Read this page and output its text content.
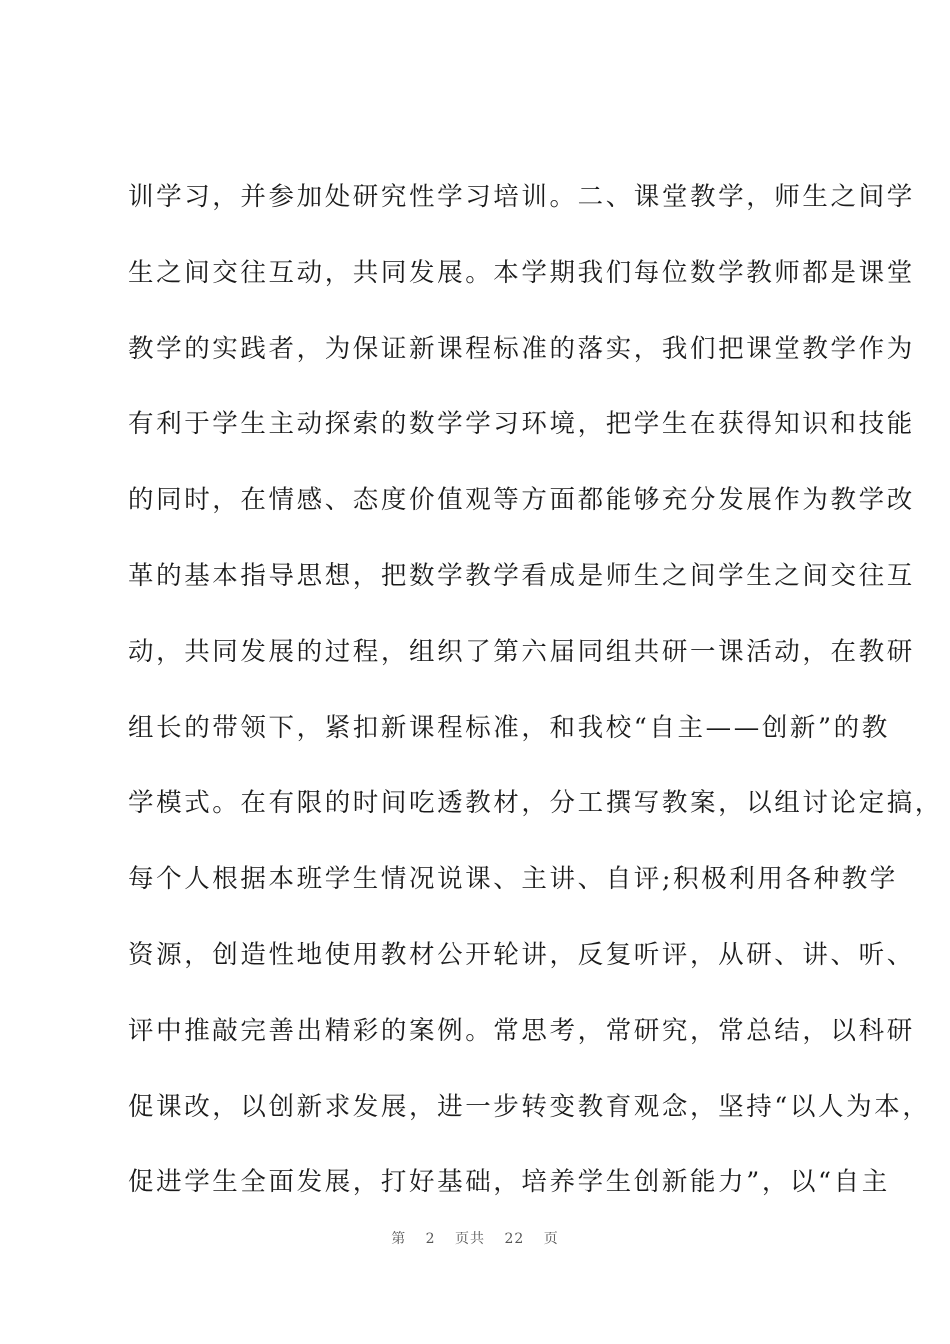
训学习，并参加处研究性学习培训。二、课堂教学，师生之间学
生之间交往互动，共同发展。本学期我们每位数学教师都是课堂
教学的实践者，为保证新课程标准的落实，我们把课堂教学作为
有利于学生主动探索的数学学习环境，把学生在获得知识和技能
的同时，在情感、态度价值观等方面都能够充分发展作为教学改
革的基本指导思想，把数学教学看成是师生之间学生之间交往互
动，共同发展的过程，组织了第六届同组共研一课活动，在教研
组长的带领下，紧扣新课程标准，和我校“自主——创新”的教
学模式。在有限的时间吃透教材，分工撰写教案，以组讨论定搞，
每个人根据本班学生情况说课、主讲、自评;积极利用各种教学
资源，创造性地使用教材公开轮讲，反复听评，从研、讲、听、
评中推敲完善出精彩的案例。常思考，常研究，常总结，以科研
促课改，以创新求发展，进一步转变教育观念，坚持“以人为本，
促进学生全面发展，打好基础，培养学生创新能力”，以“自主
第 2 页共 22 页
